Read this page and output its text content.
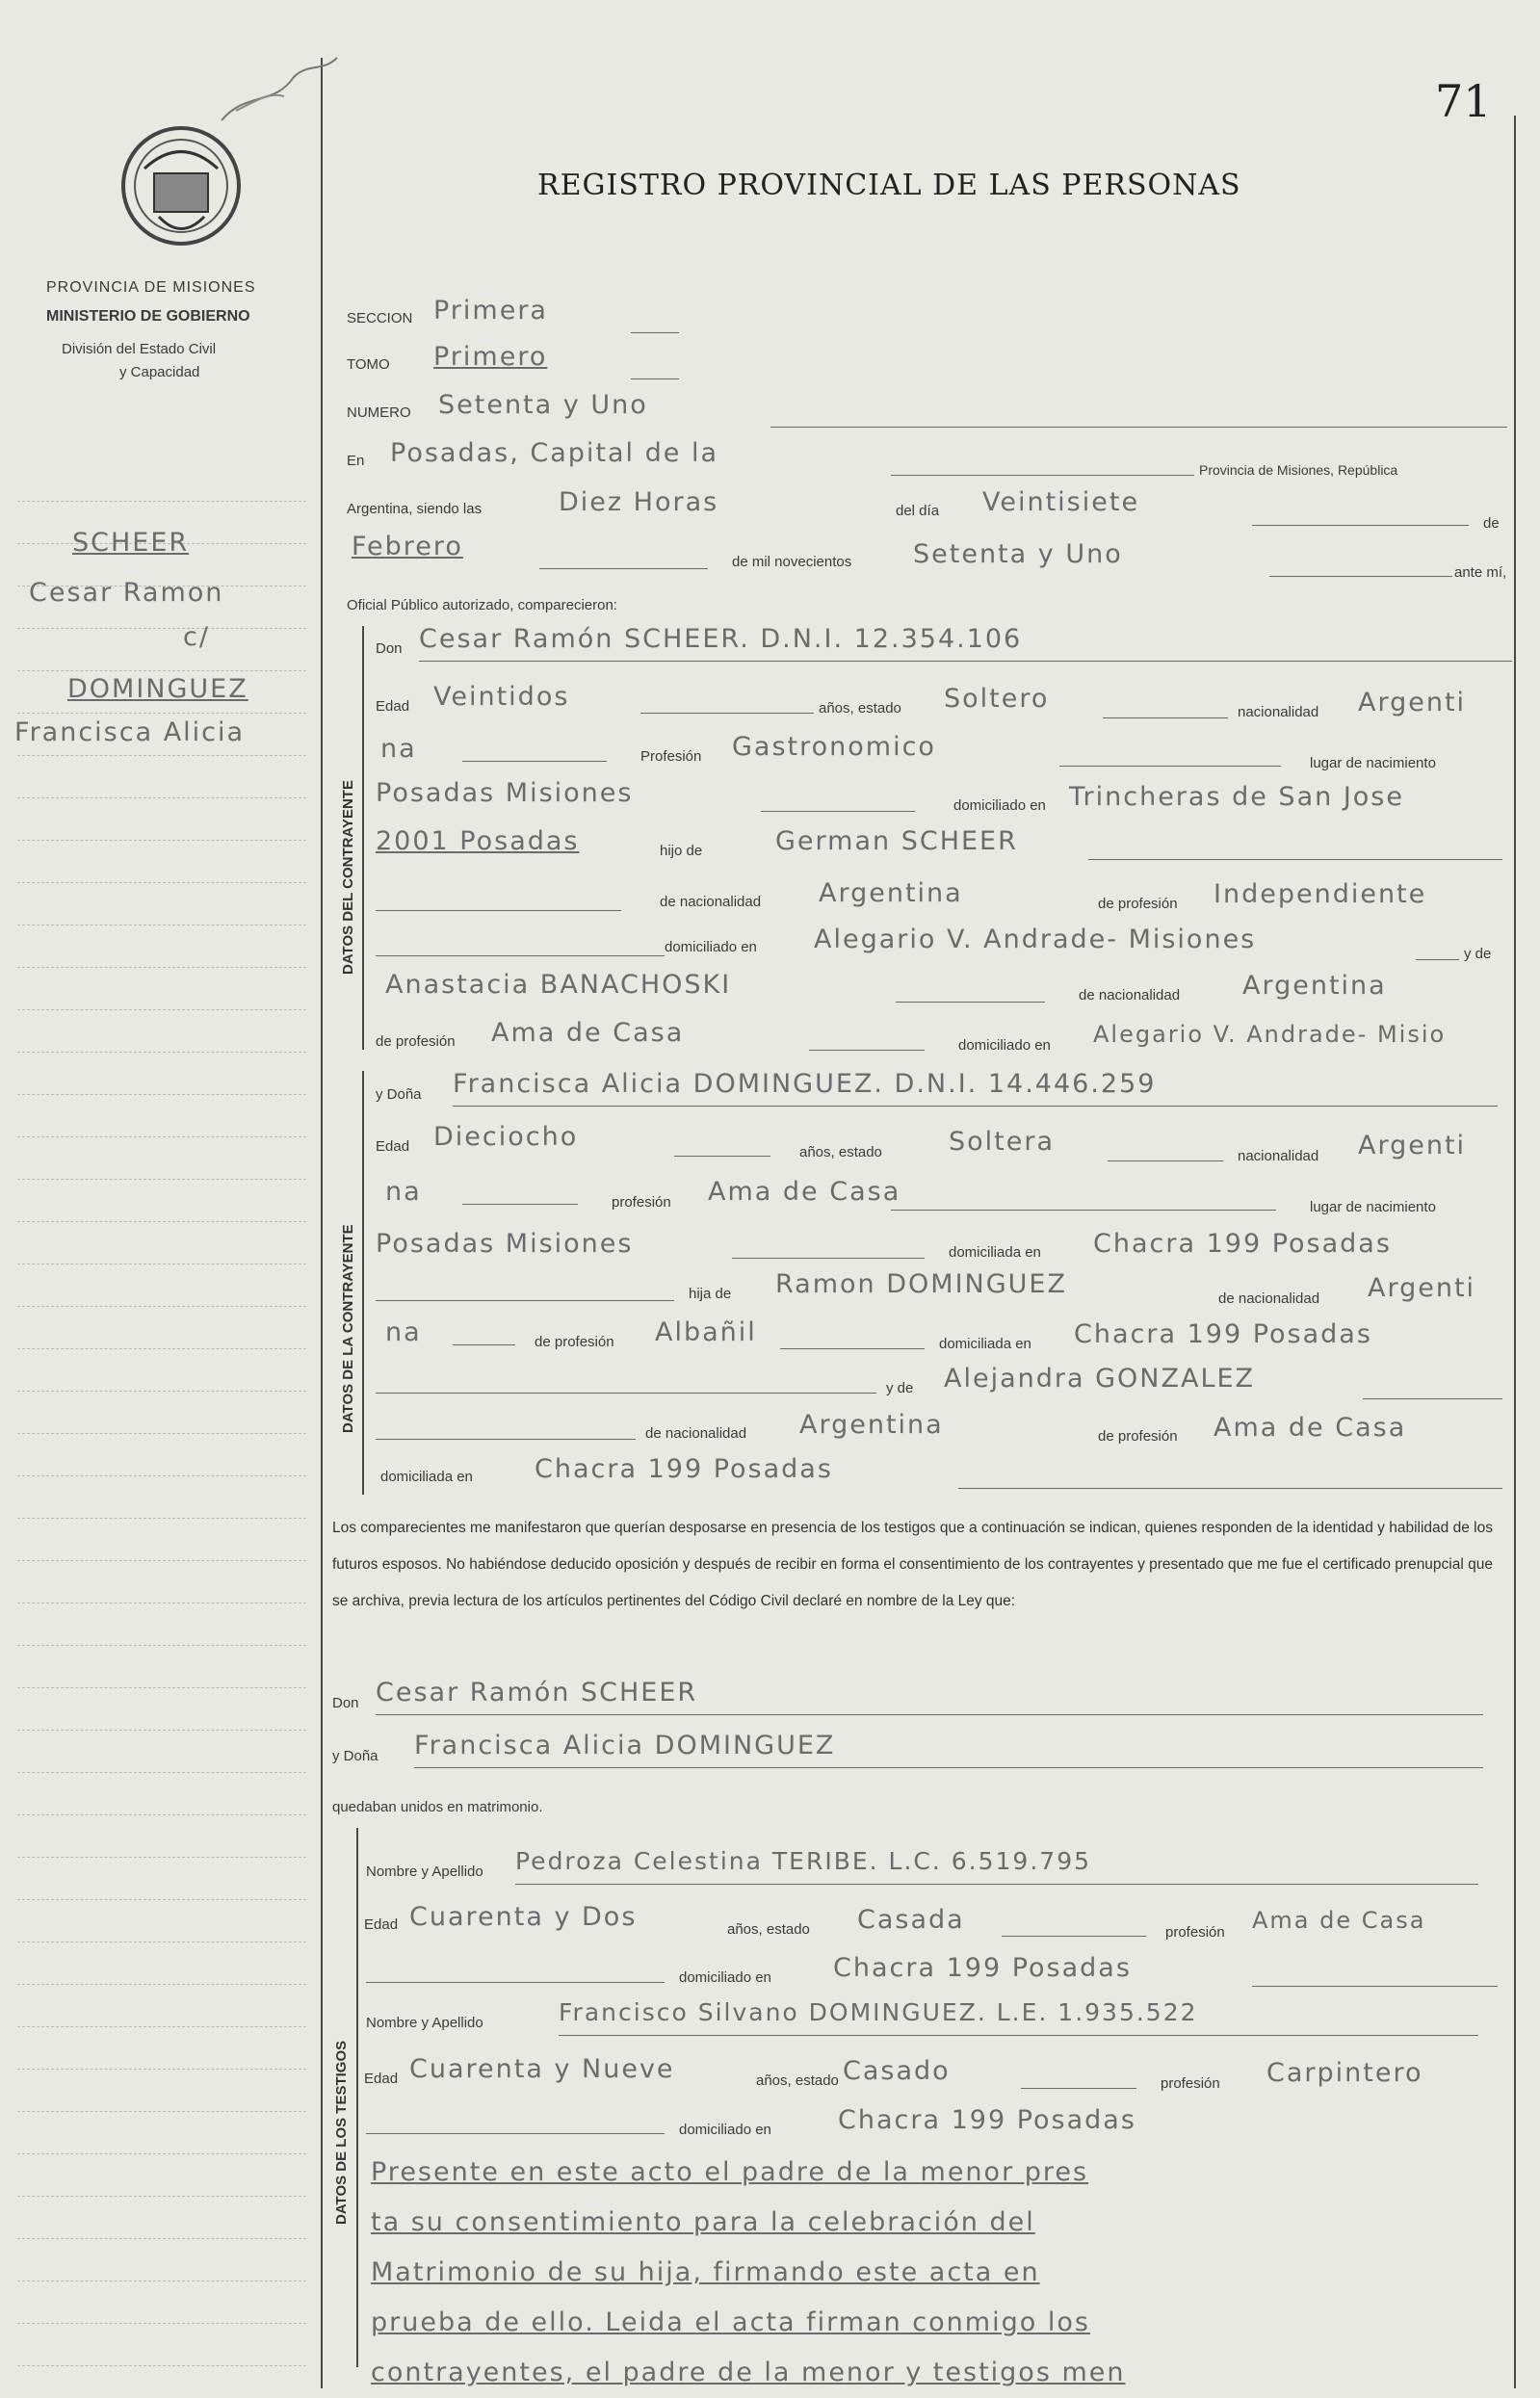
PROVINCIA DE MISIONES
MINISTERIO DE GOBIERNO
División del Estado Civil
y Capacidad
71
REGISTRO PROVINCIAL DE LAS PERSONAS
SCHEER
Cesar Ramon
c/
DOMINGUEZ
Francisca Alicia
SECCION Primera
TOMO Primero
NUMERO Setenta y Uno
En Posadas, Capital de la
Provincia de Misiones, República
Argentina, siendo las	Diez Horas	del día Veintisiete
de
Febrero
de mil novecientos Setenta y Uno
ante mí,
Oficial Público autorizado, comparecieron:
DATOS DEL CONTRAYENTE
Don Cesar Ramón SCHEER. D.N.I. 12.354.106
Edad Veintidos	años, estado Soltero	nacionalidad Argenti
na	Profesión Gastronomico
lugar de nacimiento
Posadas Misiones	domiciliado en Trincheras de San Jose
2001 Posadas	hijo de	German SCHEER
de nacionalidad Argentina	de profesión Independiente
domiciliado en Alegario V. Andrade- Misiones	y de
Anastacia BANACHOSKI	de nacionalidad Argentina
de profesión Ama de Casa	domiciliado en Alegario V. Andrade- Misio
DATOS DE LA CONTRAYENTE
y Doña Francisca Alicia DOMINGUEZ. D.N.I. 14.446.259
Edad Dieciocho
años, estado	Soltera	nacionalidad Argenti
na	profesión Ama de Casa
lugar de nacimiento
Posadas Misiones	domiciliada en Chacra 199 Posadas
hija de Ramon DOMINGUEZ	de nacionalidad Argenti
na	de profesión Albañil	domiciliada en Chacra 199 Posadas
y de Alejandra GONZALEZ
de nacionalidad Argentina	de profesión Ama de Casa
domiciliada en Chacra 199 Posadas
Los comparecientes me manifestaron que querían desposarse en presencia de los testigos que a continuación se indican, quienes responden de la identidad y habilidad de los futuros esposos. No habiéndose deducido oposición y después de recibir en forma el consentimiento de los contrayentes y presentado que me fue el certificado prenupcial que se archiva, previa lectura de los artículos pertinentes del Código Civil declaré en nombre de la Ley que:
Don Cesar Ramón SCHEER
y Doña Francisca Alicia DOMINGUEZ
quedaban unidos en matrimonio.
DATOS DE LOS TESTIGOS
Nombre y Apellido Pedroza Celestina TERIBE. L.C. 6.519.795
Edad Cuarenta y Dos	años, estado Casada	profesión Ama de Casa
domiciliado en Chacra 199 Posadas
Nombre y Apellido	Francisco Silvano DOMINGUEZ. L.E. 1.935.522
Edad Cuarenta y Nueve	años, estado Casado	profesión Carpintero
domiciliado en	Chacra 199 Posadas
Presente en este acto el padre de la menor pres
ta su consentimiento para la celebración del
Matrimonio de su hija, firmando este acta en
prueba de ello. Leida el acta firman conmigo los
contrayentes, el padre de la menor y testigos men
